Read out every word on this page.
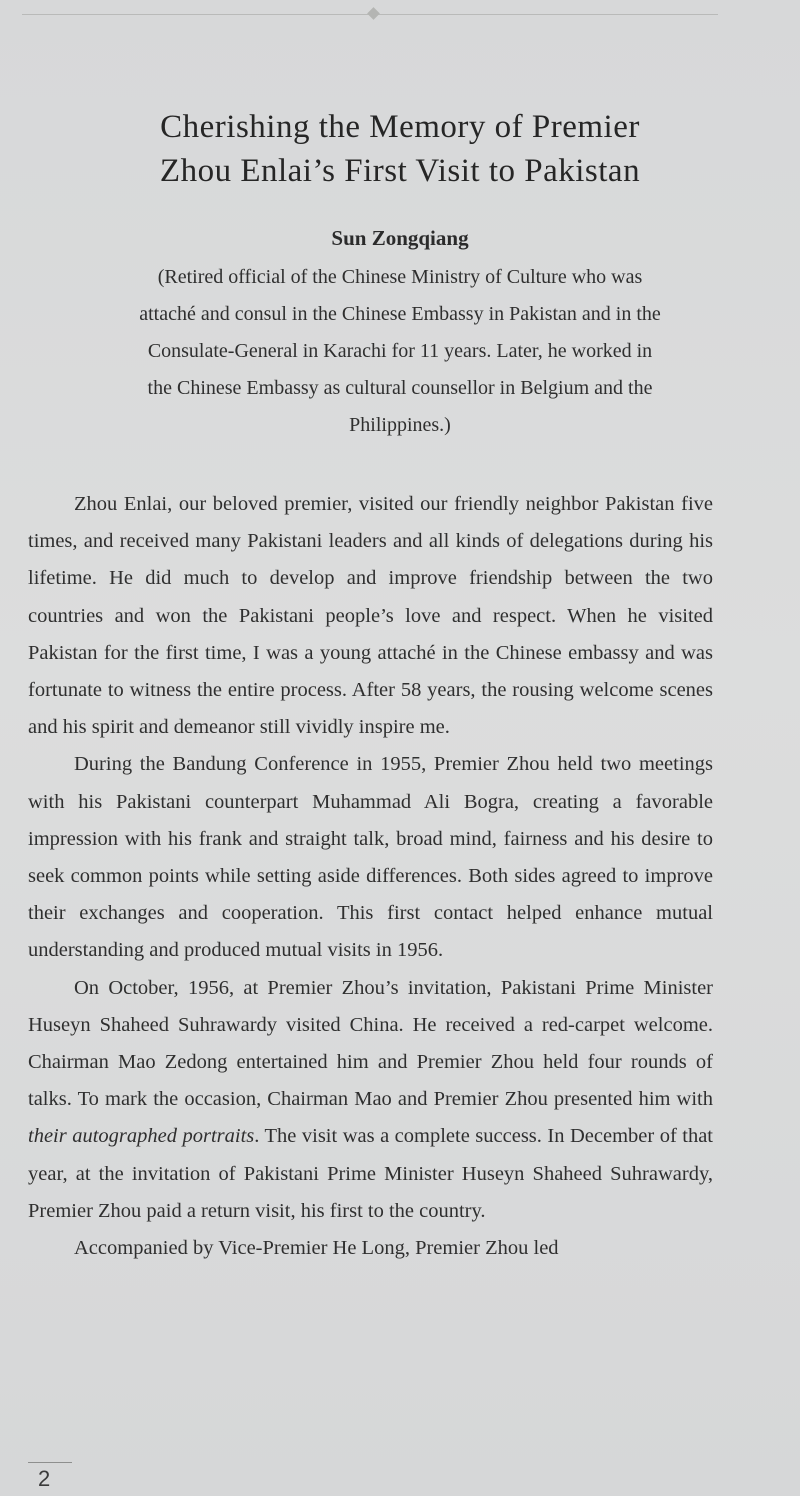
Cherishing the Memory of Premier
Zhou Enlai’s First Visit to Pakistan
Sun Zongqiang
(Retired official of the Chinese Ministry of Culture who was
attaché and consul in the Chinese Embassy in Pakistan and in the
Consulate-General in Karachi for 11 years. Later, he worked in
the Chinese Embassy as cultural counsellor in Belgium and the
Philippines.)

Zhou Enlai, our beloved premier, visited our friendly neighbor Pakistan five times, and received many Pakistani leaders and all kinds of delegations during his lifetime. He did much to develop and improve friendship between the two countries and won the Pakistani people’s love and respect. When he visited Pakistan for the first time, I was a young attaché in the Chinese embassy and was fortunate to witness the entire process. After 58 years, the rousing welcome scenes and his spirit and demeanor still vividly inspire me.

During the Bandung Conference in 1955, Premier Zhou held two meetings with his Pakistani counterpart Muhammad Ali Bogra, creating a favorable impression with his frank and straight talk, broad mind, fairness and his desire to seek common points while setting aside differences. Both sides agreed to improve their exchanges and cooperation. This first contact helped enhance mutual understanding and produced mutual visits in 1956.

On October, 1956, at Premier Zhou’s invitation, Pakistani Prime Minister Huseyn Shaheed Suhrawardy visited China. He received a red-carpet welcome. Chairman Mao Zedong entertained him and Premier Zhou held four rounds of talks. To mark the occasion, Chairman Mao and Premier Zhou presented him with their autographed portraits. The visit was a complete success. In December of that year, at the invitation of Pakistani Prime Minister Huseyn Shaheed Suhrawardy, Premier Zhou paid a return visit, his first to the country.

Accompanied by Vice-Premier He Long, Premier Zhou led

2
